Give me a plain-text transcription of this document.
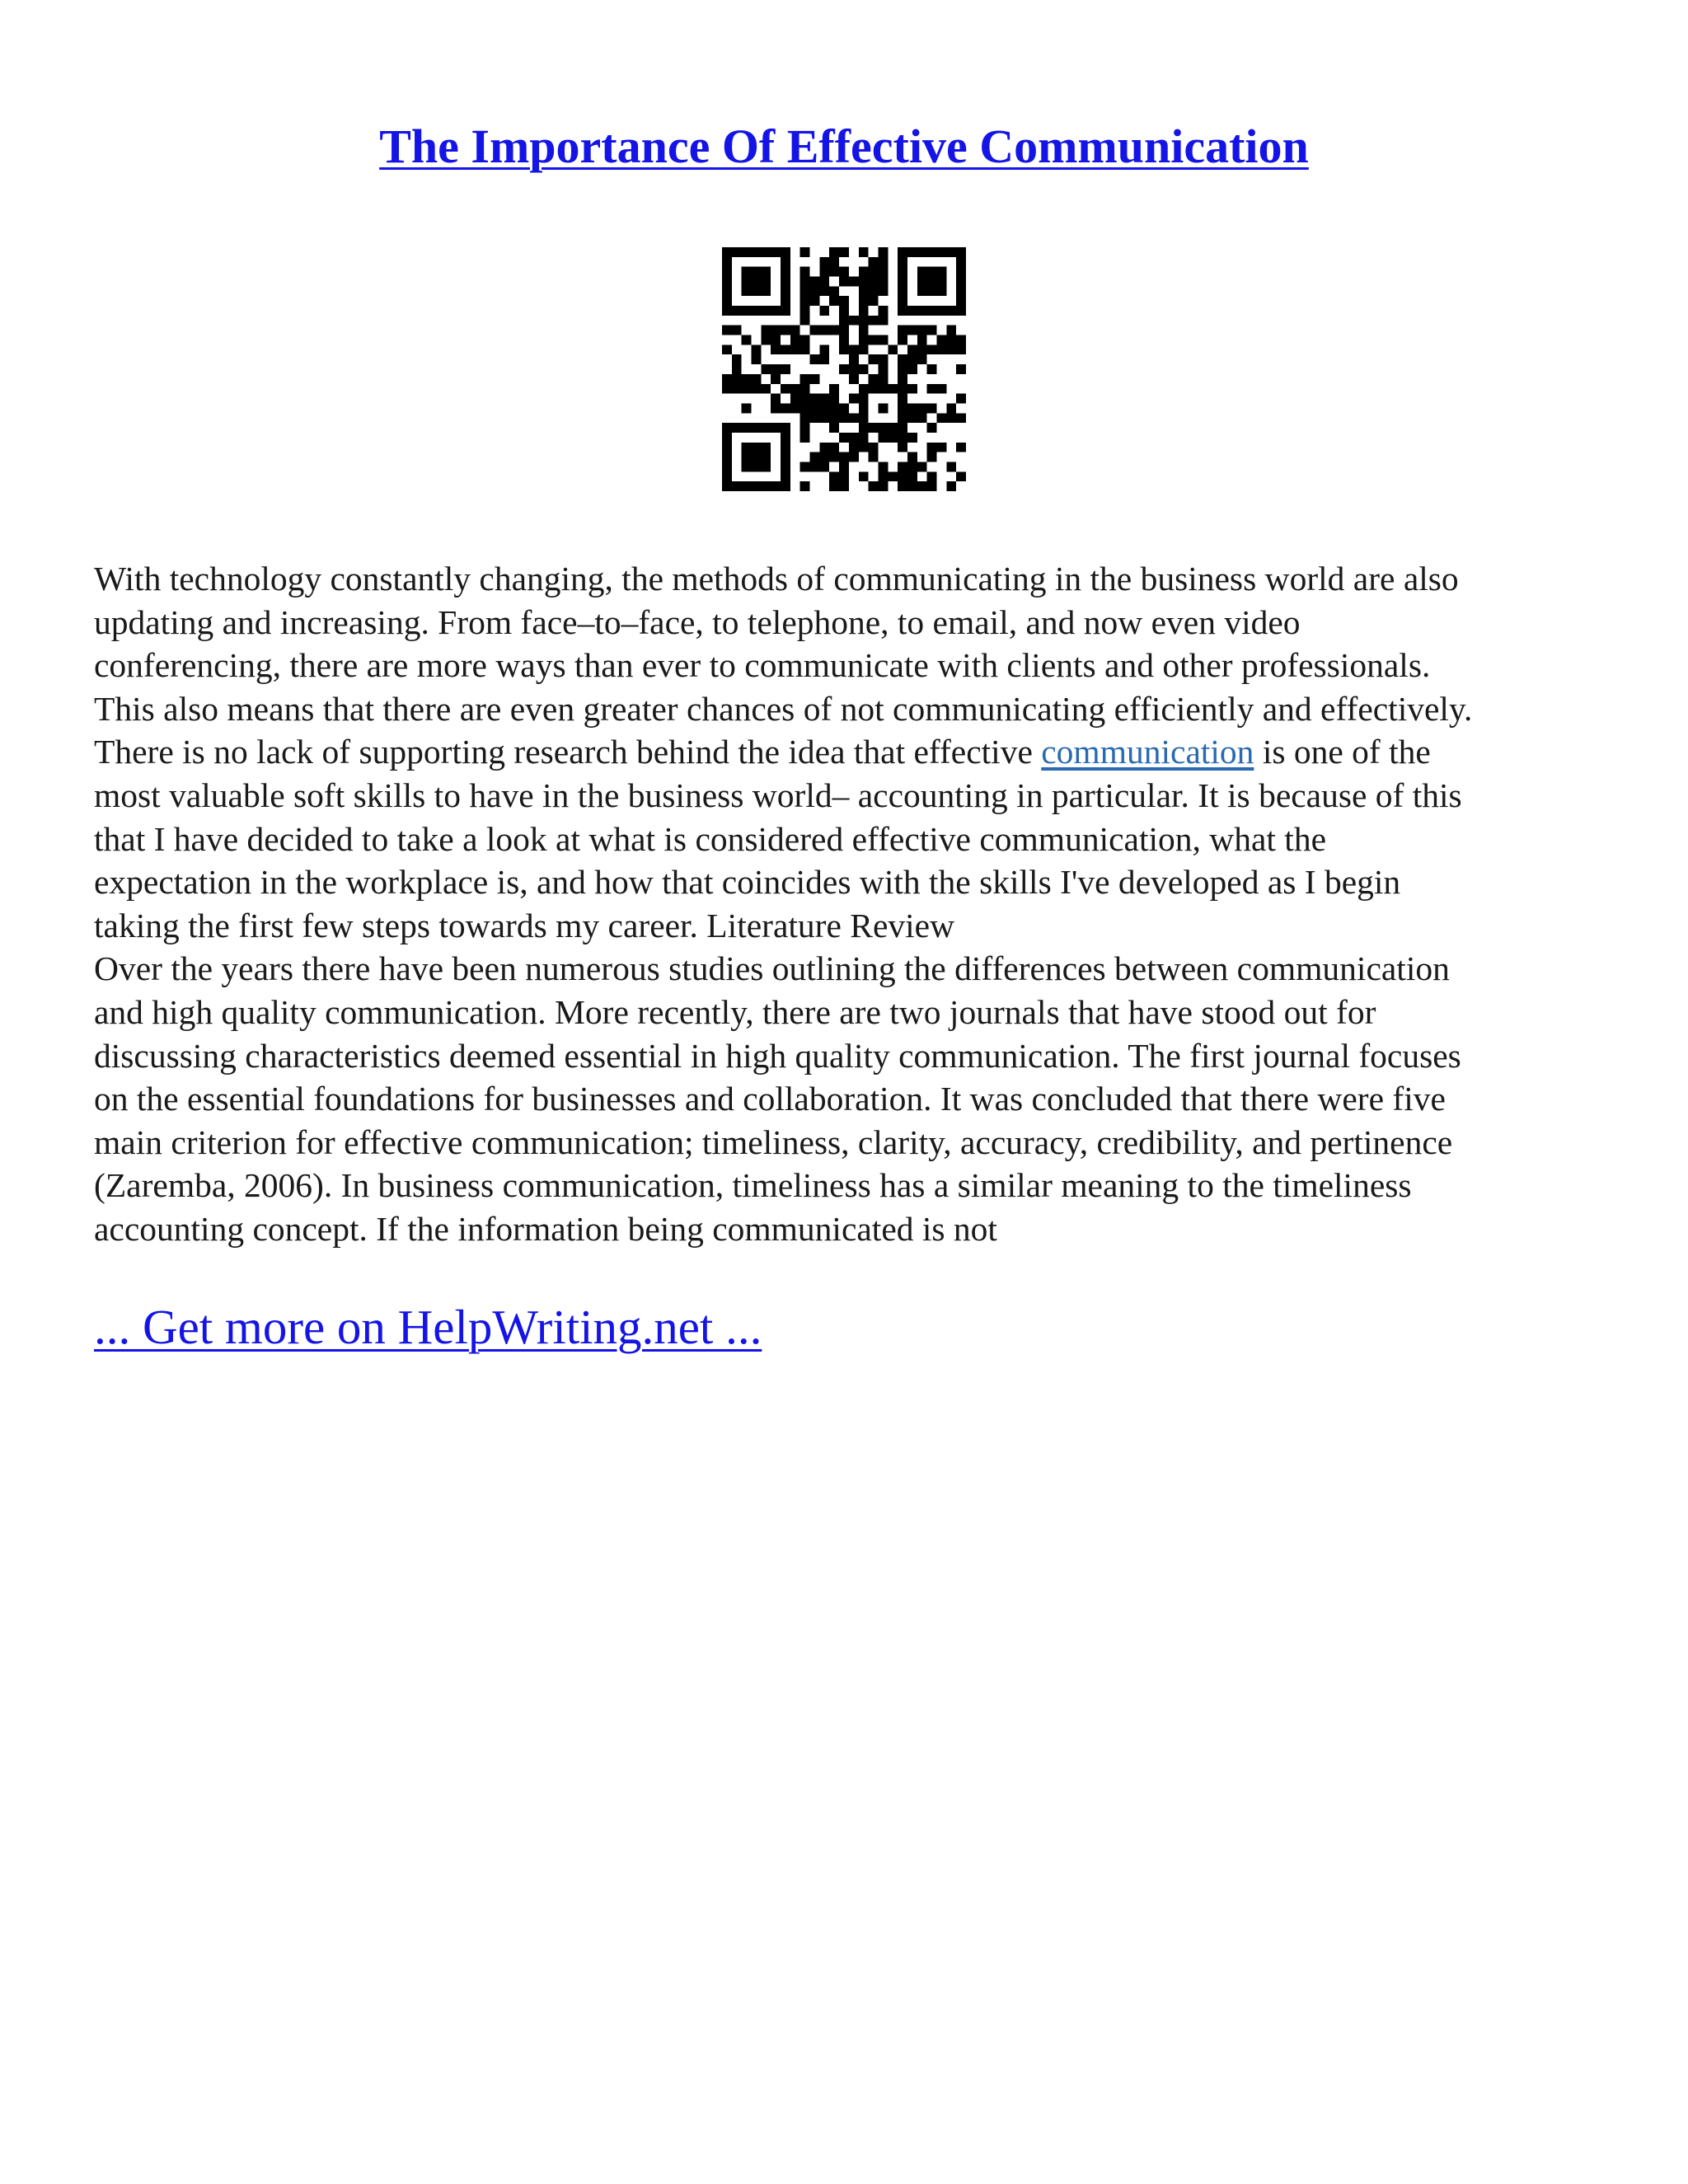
The Importance Of Effective Communication

With technology constantly changing, the methods of communicating in the business world are also

updating and increasing. From face–to–face, to telephone, to email, and now even video

conferencing, there are more ways than ever to communicate with clients and other professionals.

This also means that there are even greater chances of not communicating efficiently and effectively.

There is no lack of supporting research behind the idea that effective communication is one of the

most valuable soft skills to have in the business world– accounting in particular. It is because of this

that I have decided to take a look at what is considered effective communication, what the

expectation in the workplace is, and how that coincides with the skills I've developed as I begin

taking the first few steps towards my career. Literature Review

Over the years there have been numerous studies outlining the differences between communication

and high quality communication. More recently, there are two journals that have stood out for

discussing characteristics deemed essential in high quality communication. The first journal focuses

on the essential foundations for businesses and collaboration. It was concluded that there were five

main criterion for effective communication; timeliness, clarity, accuracy, credibility, and pertinence

(Zaremba, 2006). In business communication, timeliness has a similar meaning to the timeliness

accounting concept. If the information being communicated is not

... Get more on HelpWriting.net ...
